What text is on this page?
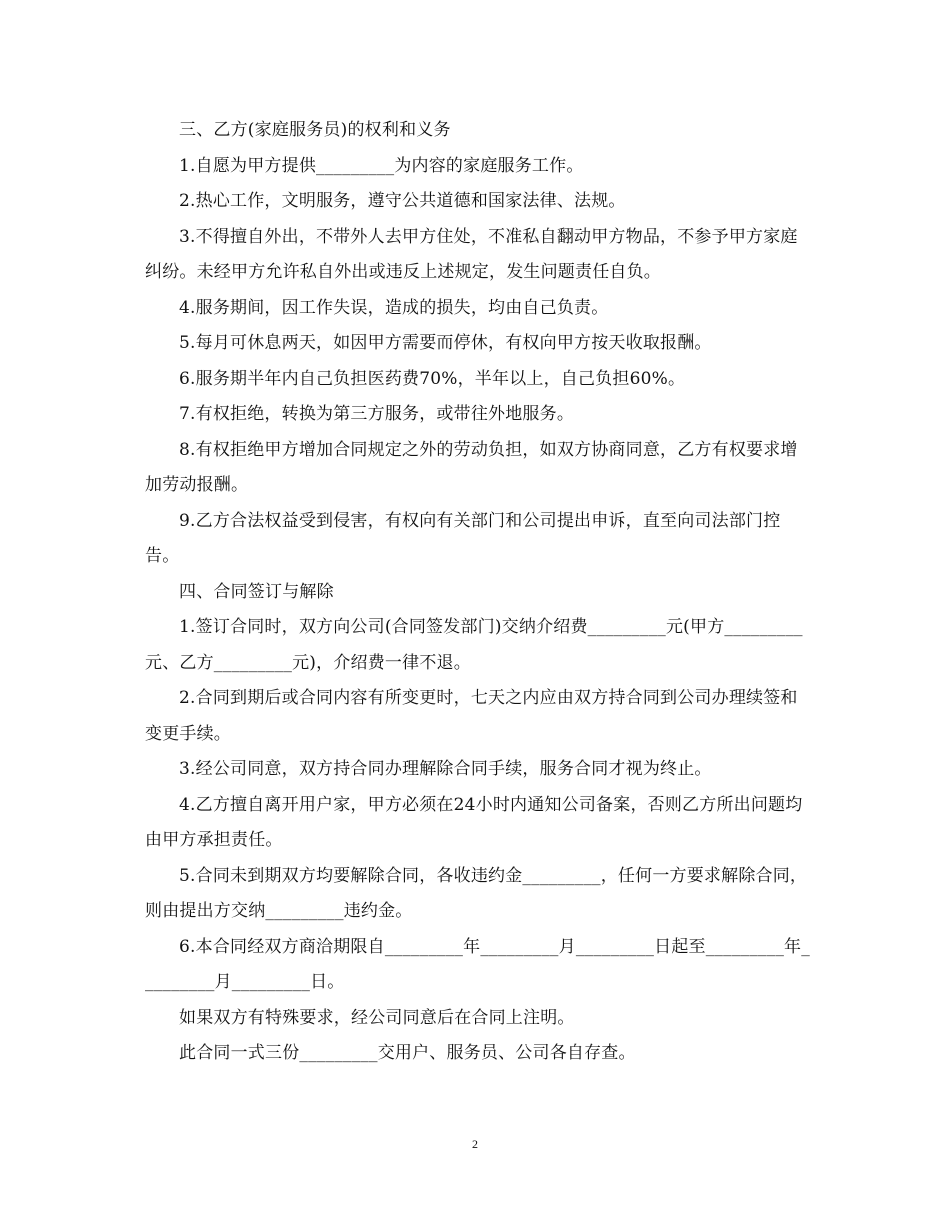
三、乙方(家庭服务员)的权利和义务

1.自愿为甲方提供_________为内容的家庭服务工作。

2.热心工作，文明服务，遵守公共道德和国家法律、法规。

3.不得擅自外出，不带外人去甲方住处，不准私自翻动甲方物品，不参予甲方家庭纠纷。未经甲方允许私自外出或违反上述规定，发生问题责任自负。

4.服务期间，因工作失误，造成的损失，均由自己负责。

5.每月可休息两天，如因甲方需要而停休，有权向甲方按天收取报酬。

6.服务期半年内自己负担医药费70%，半年以上，自己负担60%。

7.有权拒绝，转换为第三方服务，或带往外地服务。

8.有权拒绝甲方增加合同规定之外的劳动负担，如双方协商同意，乙方有权要求增加劳动报酬。

9.乙方合法权益受到侵害，有权向有关部门和公司提出申诉，直至向司法部门控告。

四、合同签订与解除

1.签订合同时，双方向公司(合同签发部门)交纳介绍费_________元(甲方_________元、乙方_________元)，介绍费一律不退。

2.合同到期后或合同内容有所变更时，七天之内应由双方持合同到公司办理续签和变更手续。

3.经公司同意，双方持合同办理解除合同手续，服务合同才视为终止。

4.乙方擅自离开用户家，甲方必须在24小时内通知公司备案，否则乙方所出问题均由甲方承担责任。

5.合同未到期双方均要解除合同，各收违约金_________，任何一方要求解除合同，则由提出方交纳_________违约金。

6.本合同经双方商洽期限自_________年_________月_________日起至_________年_________月_________日。

如果双方有特殊要求，经公司同意后在合同上注明。

此合同一式三份_________交用户、服务员、公司各自存查。

2
